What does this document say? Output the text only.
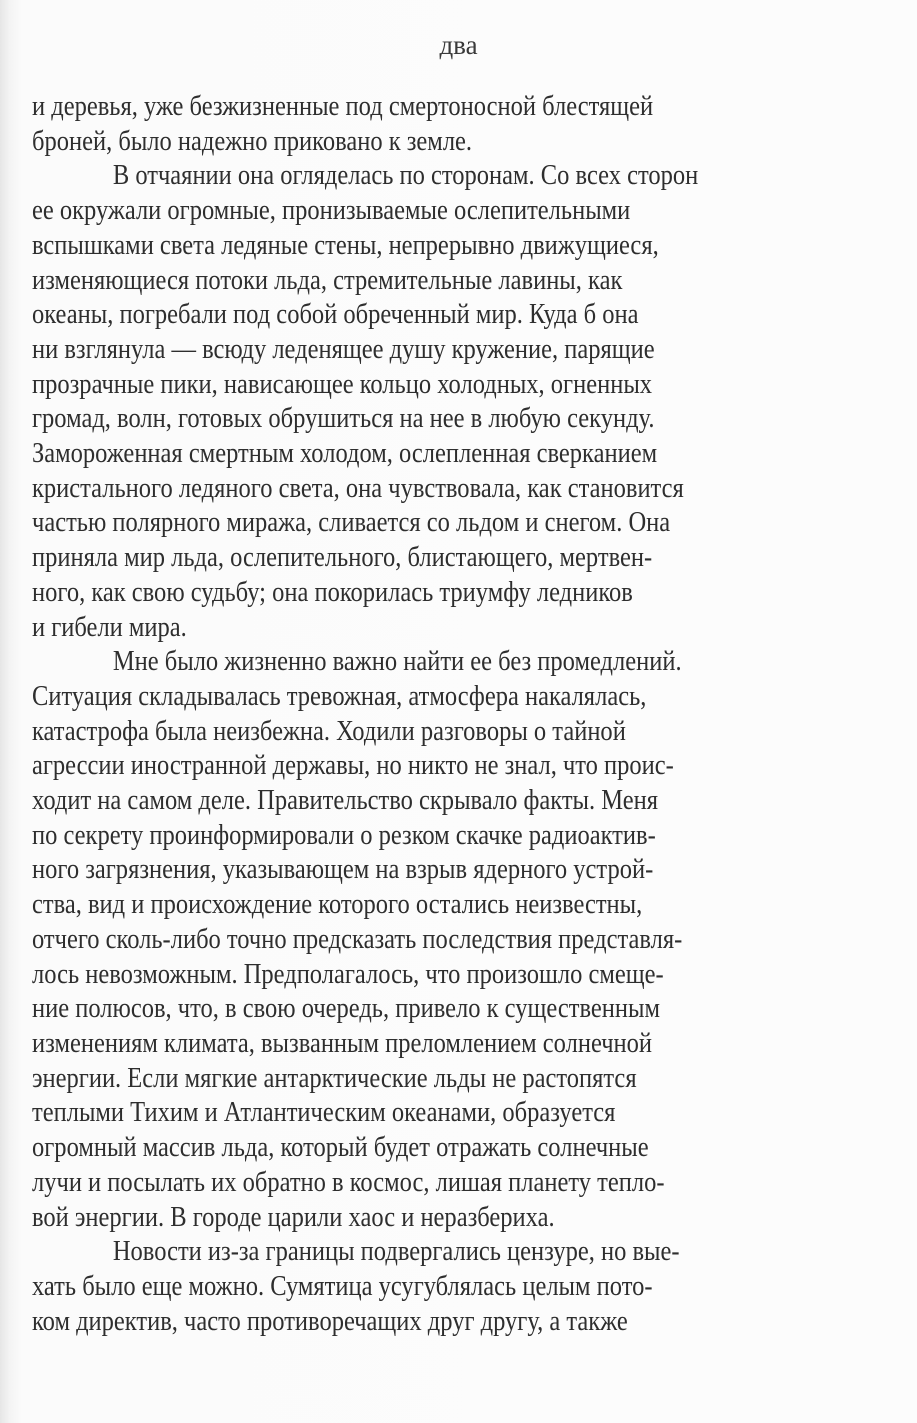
два
и деревья, уже безжизненные под смертоносной блестящей
броней, было надежно приковано к земле.
В отчаянии она огляделась по сторонам. Со всех сторон
ее окружали огромные, пронизываемые ослепительными
вспышками света ледяные стены, непрерывно движущиеся,
изменяющиеся потоки льда, стремительные лавины, как
океаны, погребали под собой обреченный мир. Куда б она
ни взглянула — всюду леденящее душу кружение, парящие
прозрачные пики, нависающее кольцо холодных, огненных
громад, волн, готовых обрушиться на нее в любую секунду.
Замороженная смертным холодом, ослепленная сверканием
кристального ледяного света, она чувствовала, как становится
частью полярного миража, сливается со льдом и снегом. Она
приняла мир льда, ослепительного, блистающего, мертвен-
ного, как свою судьбу; она покорилась триумфу ледников
и гибели мира.
Мне было жизненно важно найти ее без промедлений.
Ситуация складывалась тревожная, атмосфера накалялась,
катастрофа была неизбежна. Ходили разговоры о тайной
агрессии иностранной державы, но никто не знал, что проис-
ходит на самом деле. Правительство скрывало факты. Меня
по секрету проинформировали о резком скачке радиоактив-
ного загрязнения, указывающем на взрыв ядерного устрой-
ства, вид и происхождение которого остались неизвестны,
отчего сколь-либо точно предсказать последствия представля-
лось невозможным. Предполагалось, что произошло смеще-
ние полюсов, что, в свою очередь, привело к существенным
изменениям климата, вызванным преломлением солнечной
энергии. Если мягкие антарктические льды не растопятся
теплыми Тихим и Атлантическим океанами, образуется
огромный массив льда, который будет отражать солнечные
лучи и посылать их обратно в космос, лишая планету тепло-
вой энергии. В городе царили хаос и неразбериха.
Новости из-за границы подвергались цензуре, но вые-
хать было еще можно. Сумятица усугублялась целым пото-
ком директив, часто противоречащих друг другу, а также
